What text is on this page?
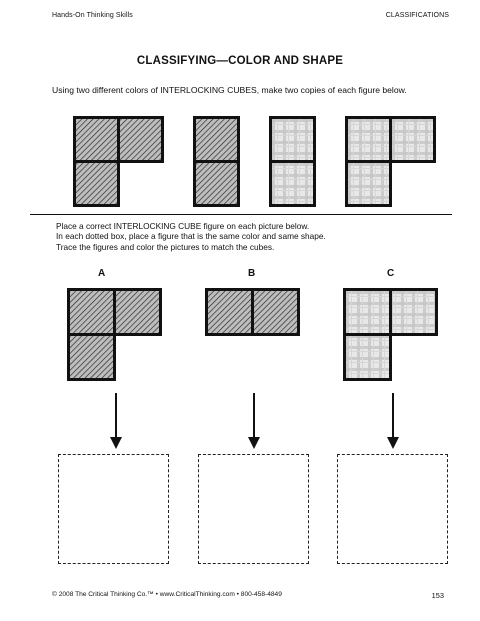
Hands-On Thinking Skills	CLASSIFICATIONS
CLASSIFYING—COLOR AND SHAPE
Using two different colors of INTERLOCKING CUBES, make two copies of each figure below.
Place a correct INTERLOCKING CUBE figure on each picture below.
In each dotted box, place a figure that is the same color and same shape.
Trace the figures and color the pictures to match the cubes.
A	B	C
© 2008 The Critical Thinking Co.™ • www.CriticalThinking.com • 800-458-4849	153
